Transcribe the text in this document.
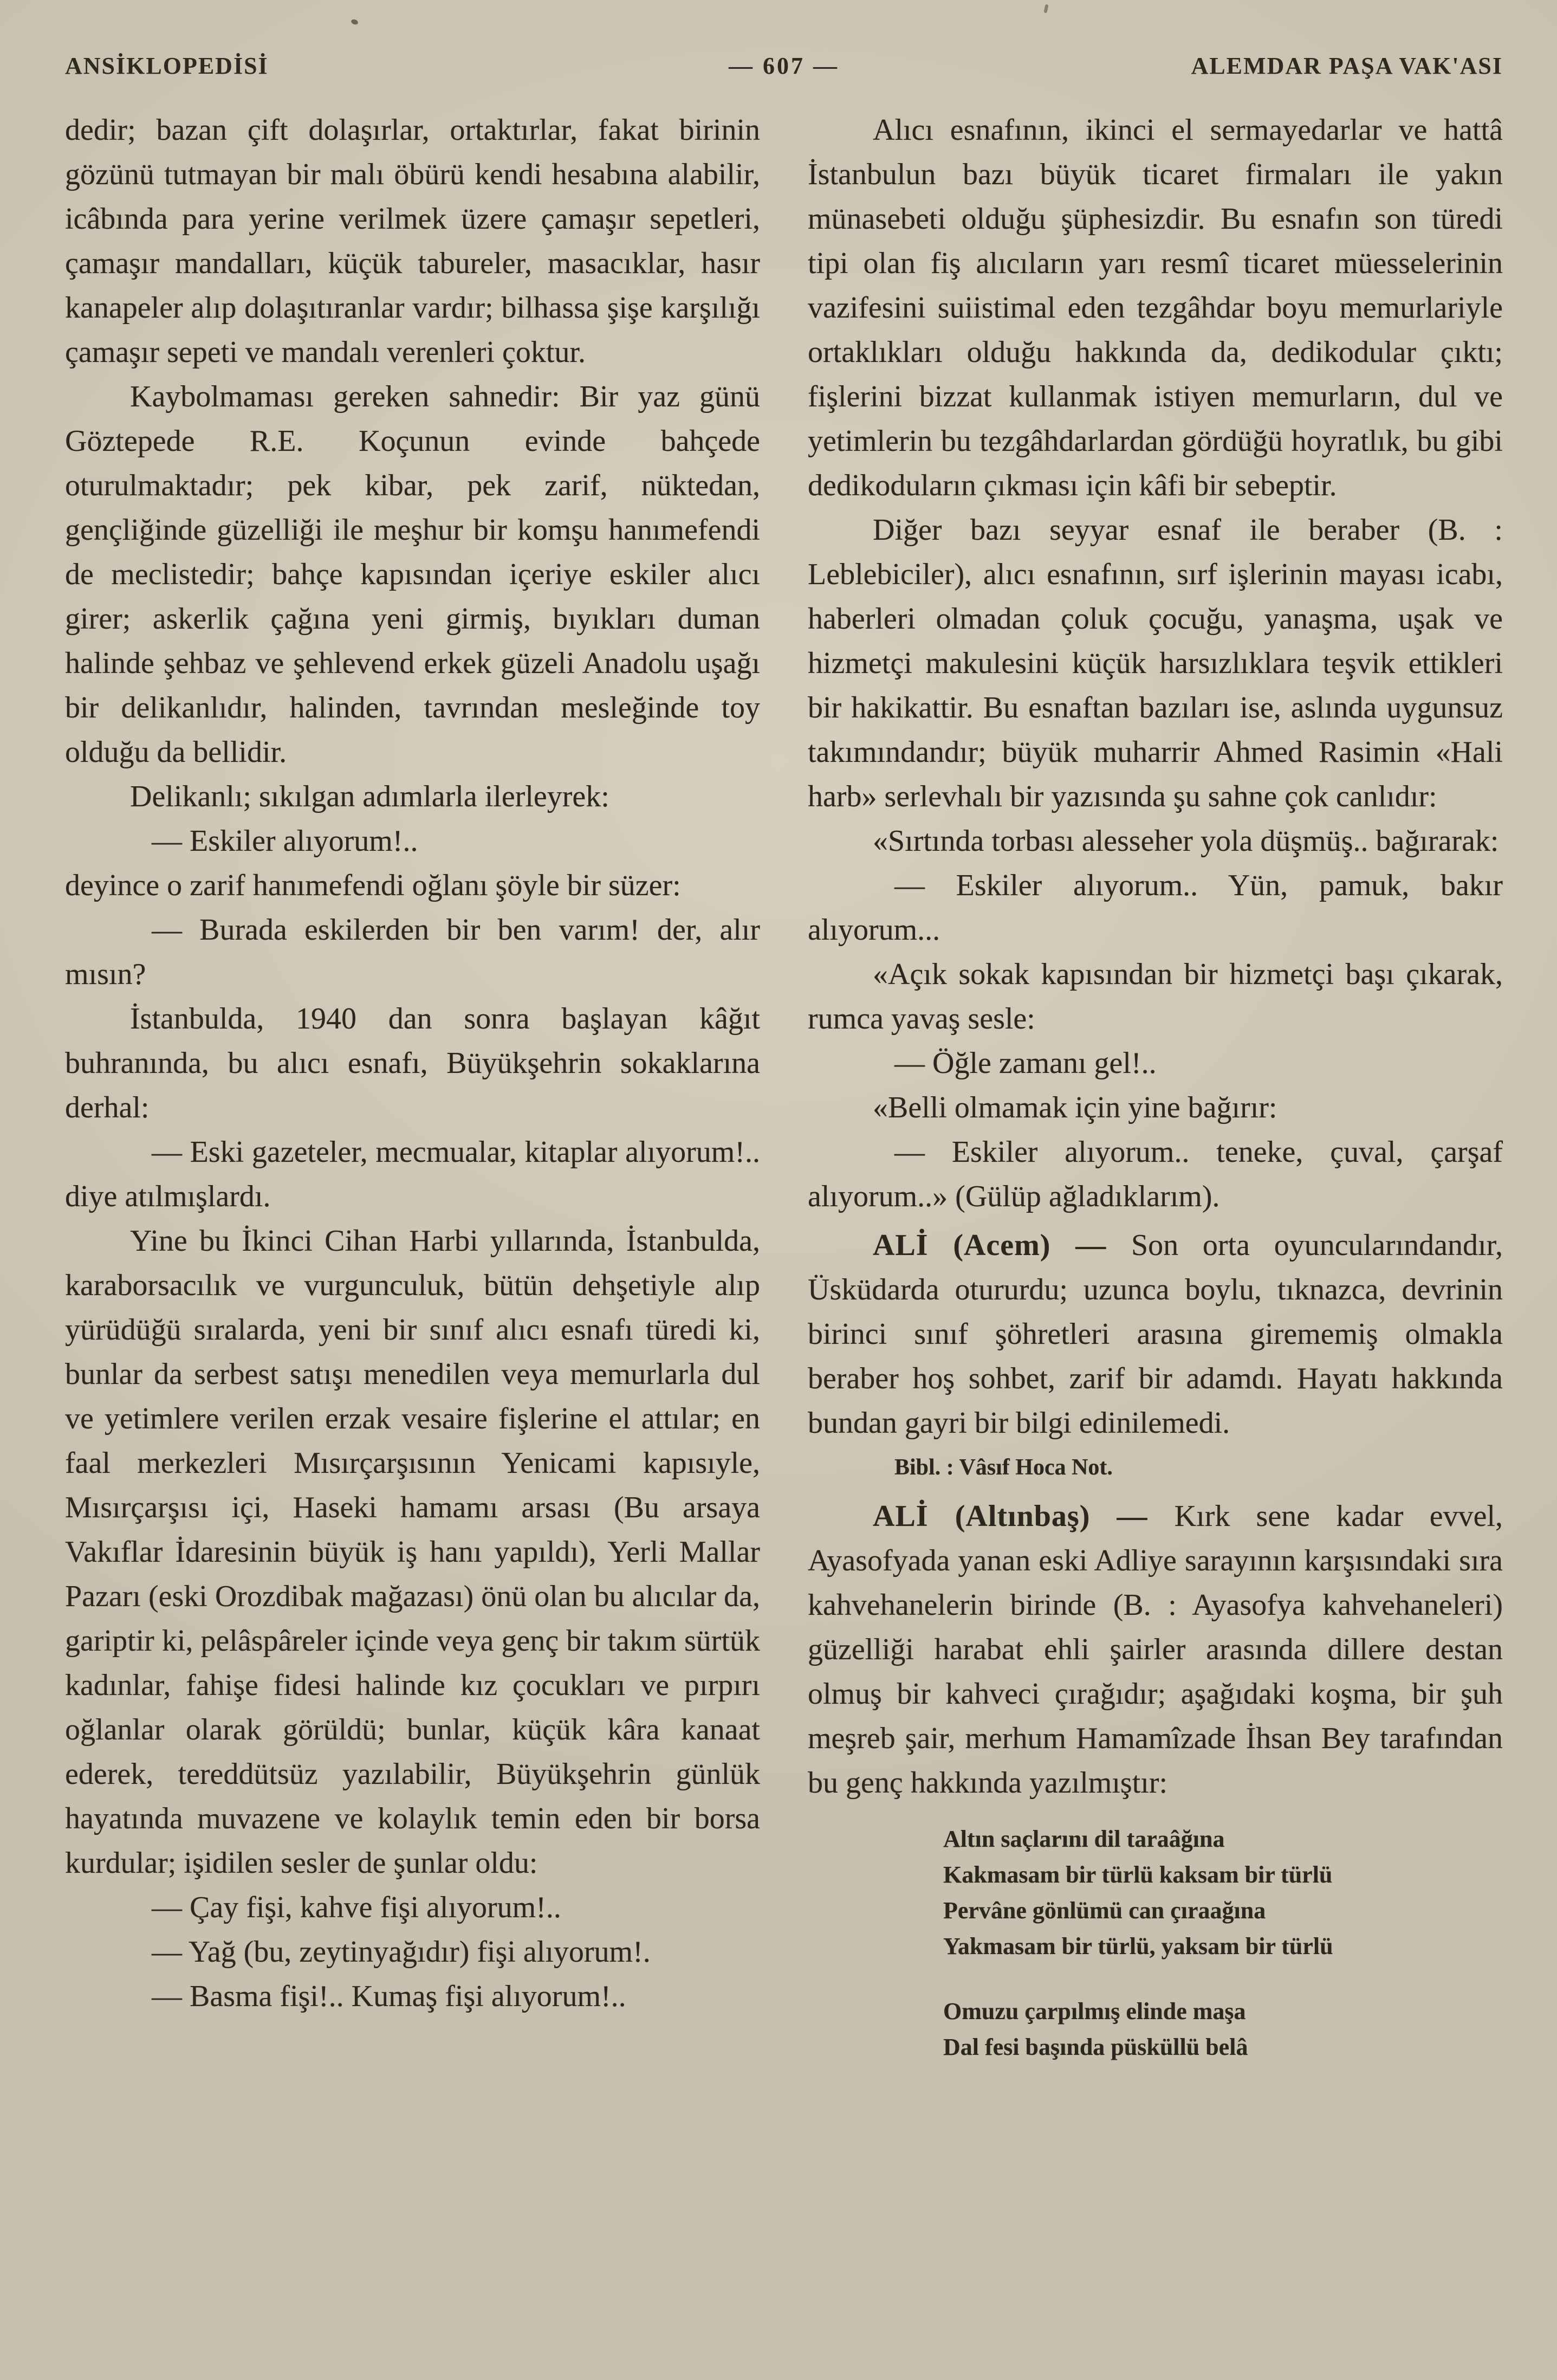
ANSİKLOPEDİSİ	— 607 —	ALEMDAR PAŞA VAK'ASI

dedir; bazan çift dolaşırlar, ortaktırlar, fakat birinin gözünü tutmayan bir malı öbürü kendi hesabına alabilir, icâbında para yerine verilmek üzere çamaşır sepetleri, çamaşır mandalları, küçük tabureler, masacıklar, hasır kanapeler alıp dolaşıtıranlar vardır; bilhassa şişe karşılığı çamaşır sepeti ve mandalı verenleri çoktur.

Kaybolmaması gereken sahnedir: Bir yaz günü Göztepede R.E. Koçunun evinde bahçede oturulmaktadır; pek kibar, pek zarif, nüktedan, gençliğinde güzelliği ile meşhur bir komşu hanımefendi de meclistedir; bahçe kapısından içeriye eskiler alıcı girer; askerlik çağına yeni girmiş, bıyıkları duman halinde şehbaz ve şehlevend erkek güzeli Anadolu uşağı bir delikanlıdır, halinden, tavrından mesleğinde toy olduğu da bellidir.

Delikanlı; sıkılgan adımlarla ilerleyrek:

— Eskiler alıyorum!..

deyince o zarif hanımefendi oğlanı şöyle bir süzer:

— Burada eskilerden bir ben varım! der, alır mısın?

İstanbulda, 1940 dan sonra başlayan kâğıt buhranında, bu alıcı esnafı, Büyükşehrin sokaklarına derhal:

— Eski gazeteler, mecmualar, kitaplar alıyorum!.. diye atılmışlardı.

Yine bu İkinci Cihan Harbi yıllarında, İstanbulda, karaborsacılık ve vurgunculuk, bütün dehşetiyle alıp yürüdüğü sıralarda, yeni bir sınıf alıcı esnafı türedi ki, bunlar da serbest satışı menedilen veya memurlarla dul ve yetimlere verilen erzak vesaire fişlerine el attılar; en faal merkezleri Mısırçarşısının Yenicami kapısıyle, Mısırçarşısı içi, Haseki hamamı arsası (Bu arsaya Vakıflar İdaresinin büyük iş hanı yapıldı), Yerli Mallar Pazarı (eski Orozdibak mağazası) önü olan bu alıcılar da, gariptir ki, pelâspâreler içinde veya genç bir takım sürtük kadınlar, fahişe fidesi halinde kız çocukları ve pırpırı oğlanlar olarak görüldü; bunlar, küçük kâra kanaat ederek, tereddütsüz yazılabilir, Büyükşehrin günlük hayatında muvazene ve kolaylık temin eden bir borsa kurdular; işidilen sesler de şunlar oldu:

— Çay fişi, kahve fişi alıyorum!..

— Yağ (bu, zeytinyağıdır) fişi alıyorum!.

— Basma fişi!.. Kumaş fişi alıyorum!..

Alıcı esnafının, ikinci el sermayedarlar ve hattâ İstanbulun bazı büyük ticaret firmaları ile yakın münasebeti olduğu şüphesizdir. Bu esnafın son türedi tipi olan fiş alıcıların yarı resmî ticaret müesselerinin vazifesini suiistimal eden tezgâhdar boyu memurlariyle ortaklıkları olduğu hakkında da, dedikodular çıktı; fişlerini bizzat kullanmak istiyen memurların, dul ve yetimlerin bu tezgâhdarlardan gördüğü hoyratlık, bu gibi dedikoduların çıkması için kâfi bir sebeptir.

Diğer bazı seyyar esnaf ile beraber (B. : Leblebiciler), alıcı esnafının, sırf işlerinin mayası icabı, haberleri olmadan çoluk çocuğu, yanaşma, uşak ve hizmetçi makulesini küçük harsızlıklara teşvik ettikleri bir hakikattir. Bu esnaftan bazıları ise, aslında uygunsuz takımındandır; büyük muharrir Ahmed Rasimin «Hali harb» serlevhalı bir yazısında şu sahne çok canlıdır:

«Sırtında torbası alesseher yola düşmüş.. bağırarak:

— Eskiler alıyorum.. Yün, pamuk, bakır alıyorum...

«Açık sokak kapısından bir hizmetçi başı çıkarak, rumca yavaş sesle:

— Öğle zamanı gel!..

«Belli olmamak için yine bağırır:

— Eskiler alıyorum.. teneke, çuval, çarşaf alıyorum..» (Gülüp ağladıklarım).

ALİ (Acem) — Son orta oyuncularındandır, Üsküdarda otururdu; uzunca boylu, tıknazca, devrinin birinci sınıf şöhretleri arasına girememiş olmakla beraber hoş sohbet, zarif bir adamdı. Hayatı hakkında bundan gayri bir bilgi edinilemedi.

Bibl. : Vâsıf Hoca Not.

ALİ (Altınbaş) — Kırk sene kadar evvel, Ayasofyada yanan eski Adliye sarayının karşısındaki sıra kahvehanelerin birinde (B. : Ayasofya kahvehaneleri) güzelliği harabat ehli şairler arasında dillere destan olmuş bir kahveci çırağıdır; aşağıdaki koşma, bir şuh meşreb şair, merhum Hamamîzade İhsan Bey tarafından bu genç hakkında yazılmıştır:

Altın saçlarını dil taraâğına
Kakmasam bir türlü kaksam bir türlü
Pervâne gönlümü can çıraağına
Yakmasam bir türlü, yaksam bir türlü
Omuzu çarpılmış elinde maşa
Dal fesi başında püsküllü belâ
